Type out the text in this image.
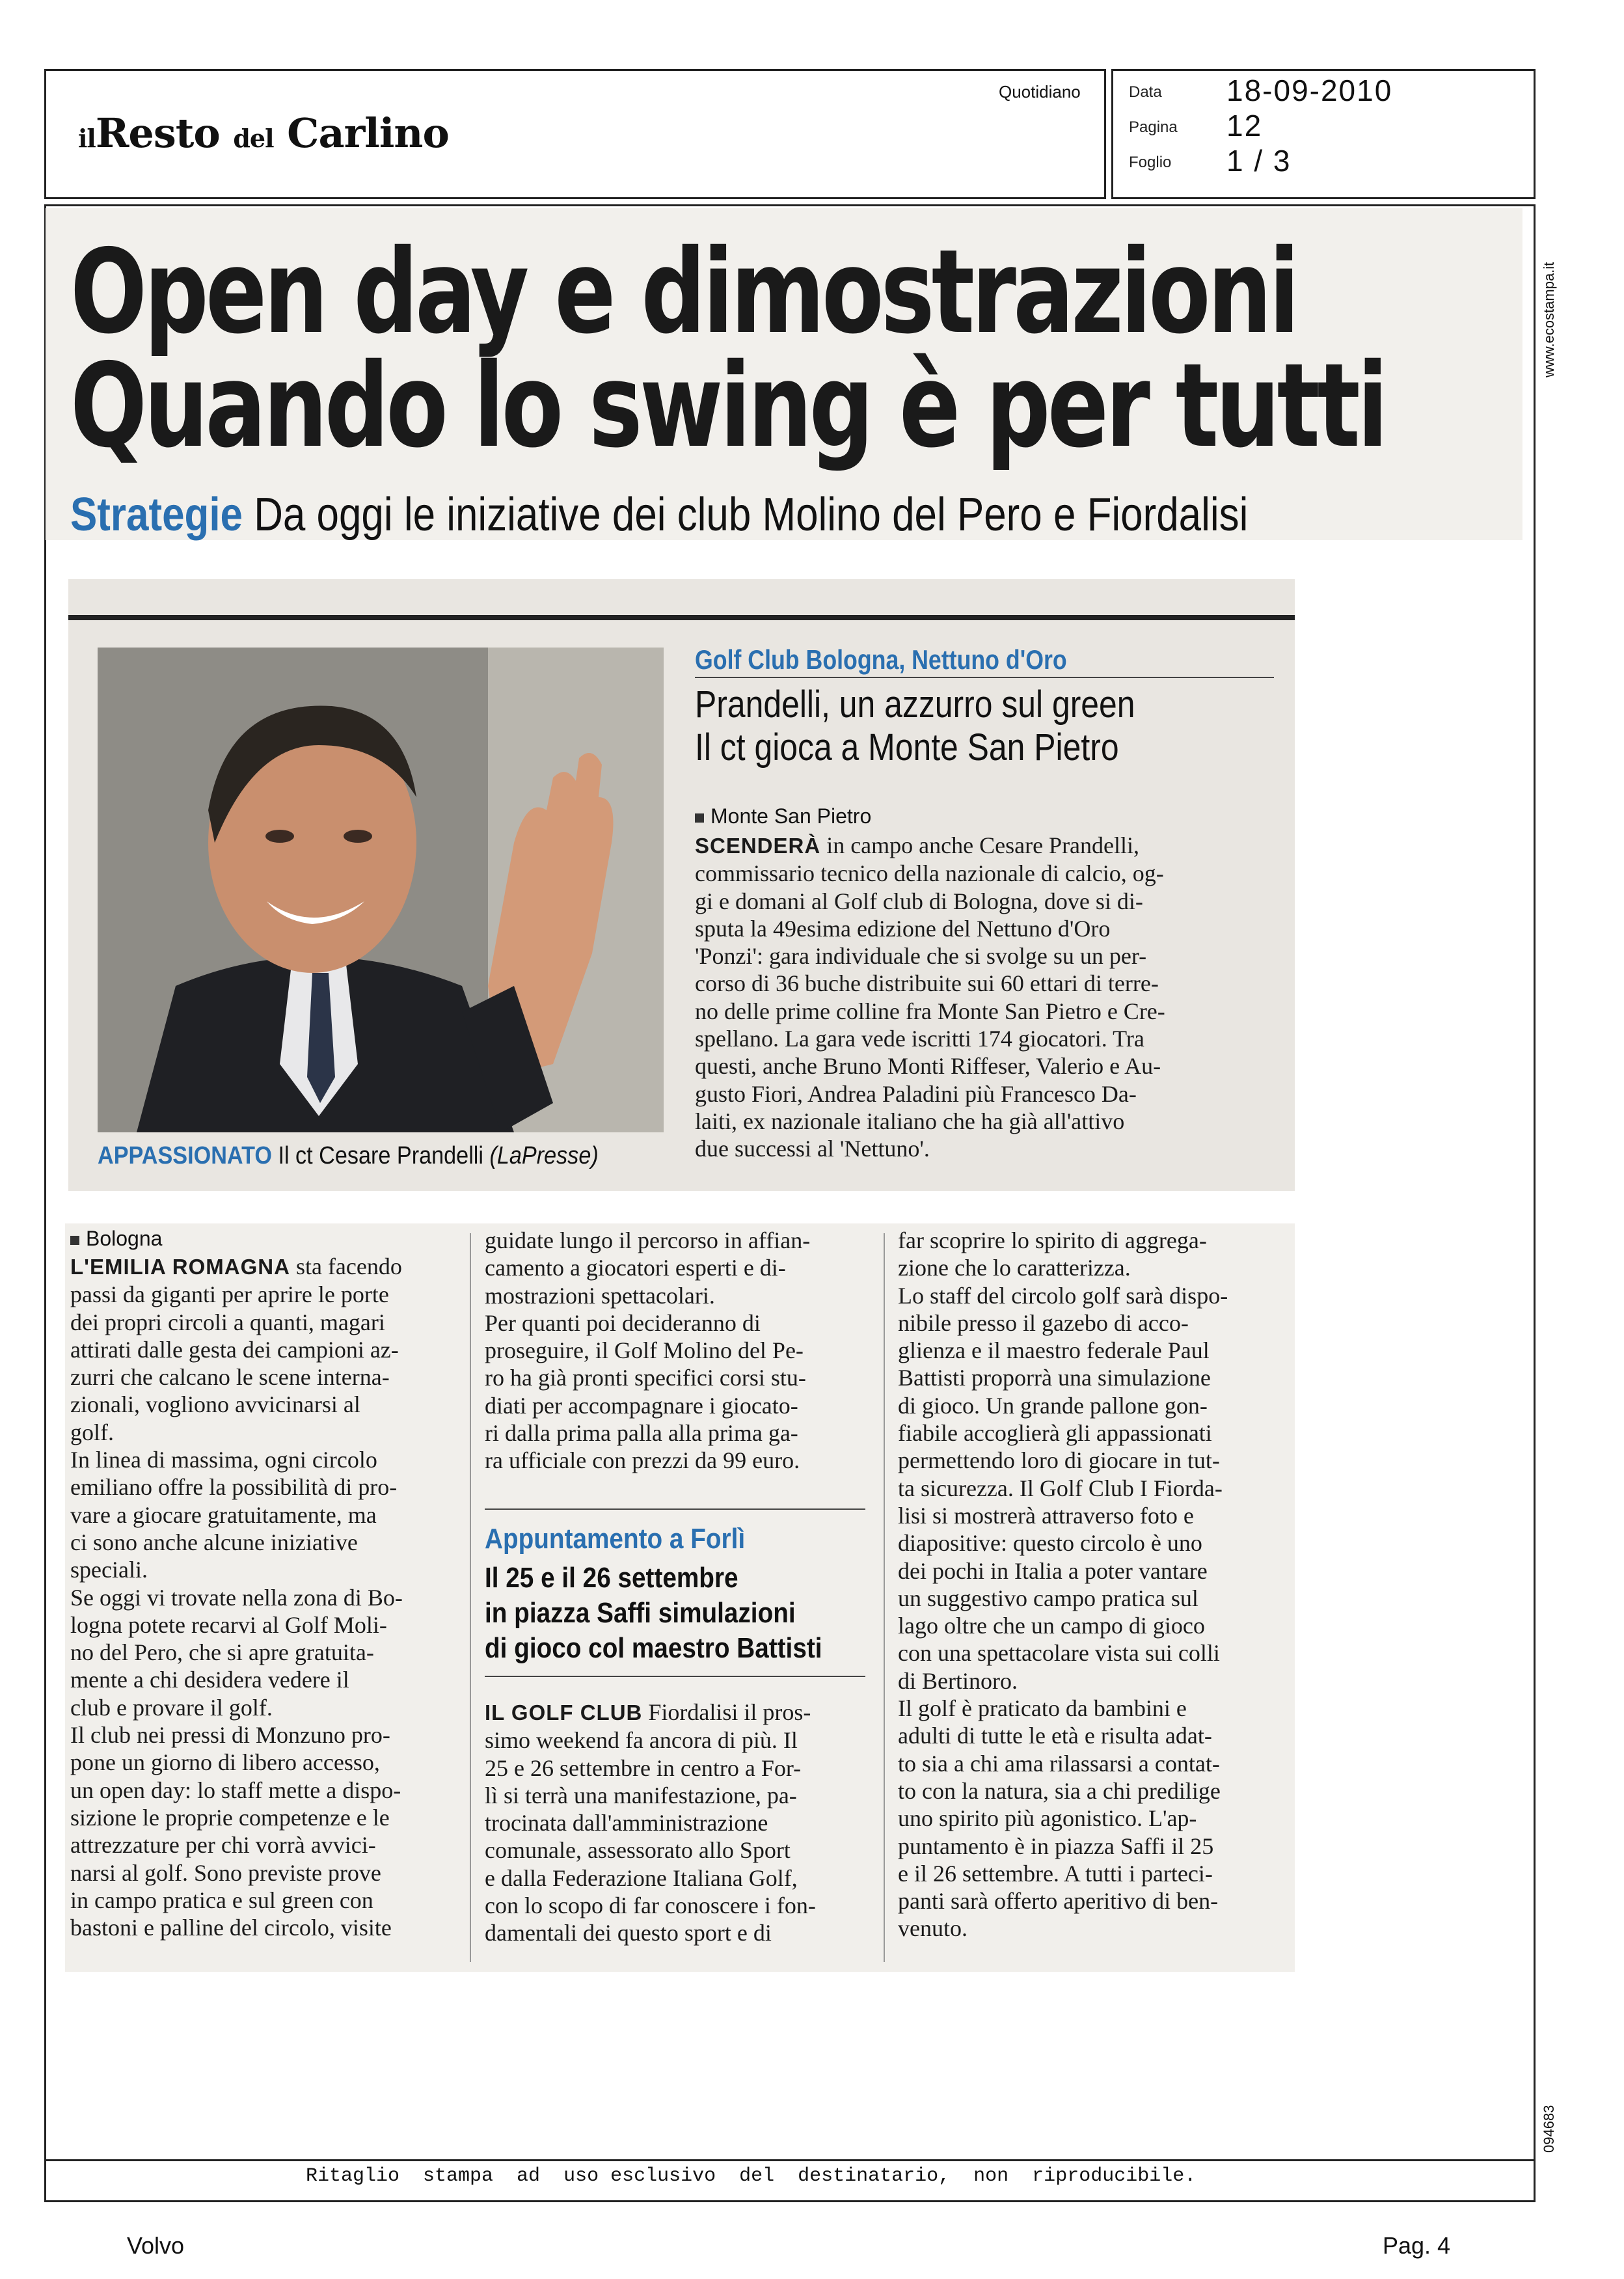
ilResto del Carlino
Quotidiano	Data 18-09-2010
Pagina 12
Foglio 1 / 3
www.ecostampa.it
094683
Open day e dimostrazioni
Quando lo swing è per tutti
Strategie Da oggi le iniziative dei club Molino del Pero e Fiordalisi
APPASSIONATO Il ct Cesare Prandelli (LaPresse)
Golf Club Bologna, Nettuno d'Oro
Prandelli, un azzurro sul green
Il ct gioca a Monte San Pietro
Monte San Pietro
SCENDERÀ in campo anche Cesare Prandelli,
commissario tecnico della nazionale di calcio, og-
gi e domani al Golf club di Bologna, dove si di-
sputa la 49esima edizione del Nettuno d'Oro
'Ponzi': gara individuale che si svolge su un per-
corso di 36 buche distribuite sui 60 ettari di terre-
no delle prime colline fra Monte San Pietro e Cre-
spellano. La gara vede iscritti 174 giocatori. Tra
questi, anche Bruno Monti Riffeser, Valerio e Au-
gusto Fiori, Andrea Paladini più Francesco Da-
laiti, ex nazionale italiano che ha già all'attivo
due successi al 'Nettuno'.
Bologna
L'EMILIA ROMAGNA sta facendo
passi da giganti per aprire le porte
dei propri circoli a quanti, magari
attirati dalle gesta dei campioni az-
zurri che calcano le scene interna-
zionali, vogliono avvicinarsi al
golf.
In linea di massima, ogni circolo
emiliano offre la possibilità di pro-
vare a giocare gratuitamente, ma
ci sono anche alcune iniziative
speciali.
Se oggi vi trovate nella zona di Bo-
logna potete recarvi al Golf Moli-
no del Pero, che si apre gratuita-
mente a chi desidera vedere il
club e provare il golf.
Il club nei pressi di Monzuno pro-
pone un giorno di libero accesso,
un open day: lo staff mette a dispo-
sizione le proprie competenze e le
attrezzature per chi vorrà avvici-
narsi al golf. Sono previste prove
in campo pratica e sul green con
bastoni e palline del circolo, visite
guidate lungo il percorso in affian-
camento a giocatori esperti e di-
mostrazioni spettacolari.
Per quanti poi decideranno di
proseguire, il Golf Molino del Pe-
ro ha già pronti specifici corsi stu-
diati per accompagnare i giocato-
ri dalla prima palla alla prima ga-
ra ufficiale con prezzi da 99 euro.
Appuntamento a Forlì
Il 25 e il 26 settembre
in piazza Saffi simulazioni
di gioco col maestro Battisti
IL GOLF CLUB Fiordalisi il pros-
simo weekend fa ancora di più. Il
25 e 26 settembre in centro a For-
lì si terrà una manifestazione, pa-
trocinata dall'amministrazione
comunale, assessorato allo Sport
e dalla Federazione Italiana Golf,
con lo scopo di far conoscere i fon-
damentali dei questo sport e di
far scoprire lo spirito di aggrega-
zione che lo caratterizza.
Lo staff del circolo golf sarà dispo-
nibile presso il gazebo di acco-
glienza e il maestro federale Paul
Battisti proporrà una simulazione
di gioco. Un grande pallone gon-
fiabile accoglierà gli appassionati
permettendo loro di giocare in tut-
ta sicurezza. Il Golf Club I Fiorda-
lisi si mostrerà attraverso foto e
diapositive: questo circolo è uno
dei pochi in Italia a poter vantare
un suggestivo campo pratica sul
lago oltre che un campo di gioco
con una spettacolare vista sui colli
di Bertinoro.
Il golf è praticato da bambini e
adulti di tutte le età e risulta adat-
to sia a chi ama rilassarsi a contat-
to con la natura, sia a chi predilige
uno spirito più agonistico. L'ap-
puntamento è in piazza Saffi il 25
e il 26 settembre. A tutti i parteci-
panti sarà offerto aperitivo di ben-
venuto.
Ritaglio  stampa  ad  uso esclusivo  del  destinatario,  non  riproducibile.
Volvo	Pag. 4
